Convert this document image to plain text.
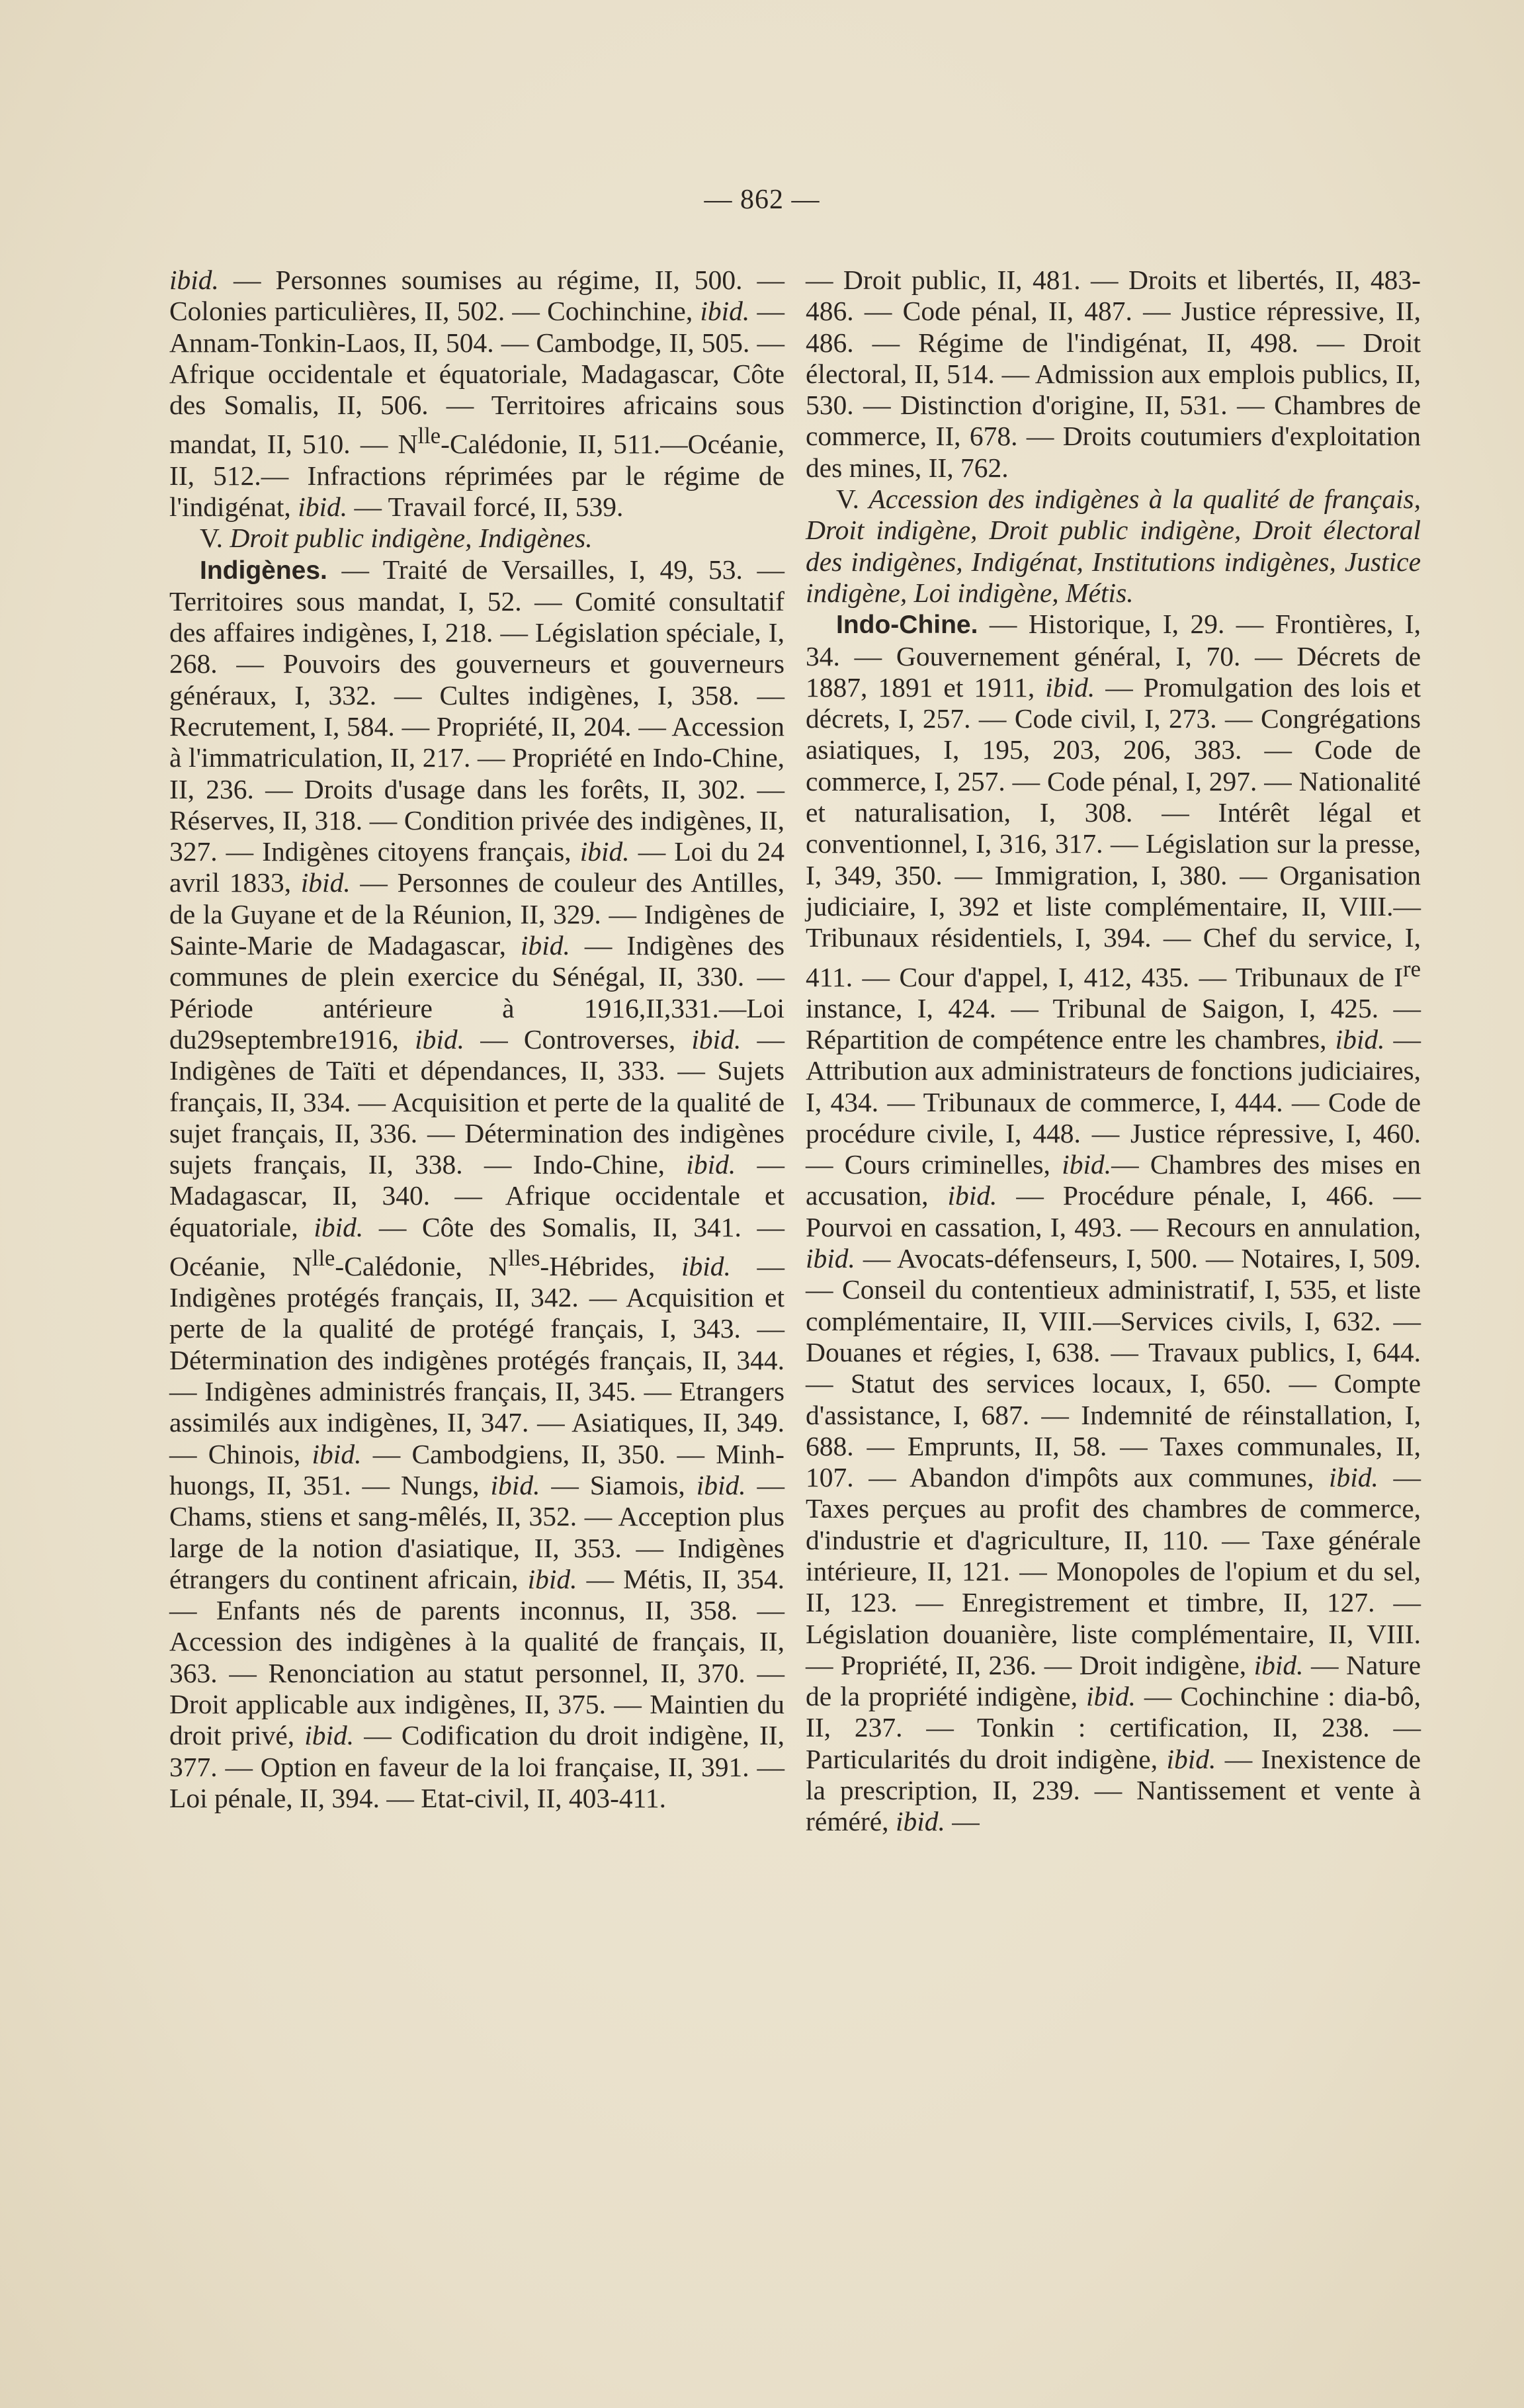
— 862 —

ibid. — Personnes soumises au régime, II, 500. — Colonies particulières, II, 502. — Cochinchine, ibid. — Annam-Tonkin-Laos, II, 504. — Cambodge, II, 505. — Afrique occidentale et équatoriale, Madagascar, Côte des Somalis, II, 506. — Territoires africains sous mandat, II, 510. — $N^{lle}$-Calédonie, II, 511.—Océanie, II, 512.— Infractions réprimées par le régime de l'indigénat, ibid. — Travail forcé, II, 539.

V. Droit public indigène, Indigènes.

Indigènes. — Traité de Versailles, I, 49, 53. — Territoires sous mandat, I, 52. — Comité consultatif des affaires indigènes, I, 218. — Législation spéciale, I, 268. — Pouvoirs des gouverneurs et gouverneurs généraux, I, 332. — Cultes indigènes, I, 358. — Recrutement, I, 584. — Propriété, II, 204. — Accession à l'immatriculation, II, 217. — Propriété en Indo-Chine, II, 236. — Droits d'usage dans les forêts, II, 302. — Réserves, II, 318. — Condition privée des indigènes, II, 327. — Indigènes citoyens français, ibid. — Loi du 24 avril 1833, ibid. — Personnes de couleur des Antilles, de la Guyane et de la Réunion, II, 329. — Indigènes de Sainte-Marie de Madagascar, ibid. — Indigènes des communes de plein exercice du Sénégal, II, 330. — Période antérieure à 1916,II,331.—Loi du29septembre1916, ibid. — Controverses, ibid. — Indigènes de Taïti et dépendances, II, 333. — Sujets français, II, 334. — Acquisition et perte de la qualité de sujet français, II, 336. — Détermination des indigènes sujets français, II, 338. — Indo-Chine, ibid. — Madagascar, II, 340. — Afrique occidentale et équatoriale, ibid. — Côte des Somalis, II, 341. — Océanie, $N^{lle}$-Calédonie, $N^{lles}$-Hébrides, ibid. — Indigènes protégés français, II, 342. — Acquisition et perte de la qualité de protégé français, I, 343. — Détermination des indigènes protégés français, II, 344. — Indigènes administrés français, II, 345. — Etrangers assimilés aux indigènes, II, 347. — Asiatiques, II, 349. — Chinois, ibid. — Cambodgiens, II, 350. — Minh-huongs, II, 351. — Nungs, ibid. — Siamois, ibid. — Chams, stiens et sang-mêlés, II, 352. — Acception plus large de la notion d'asiatique, II, 353. — Indigènes étrangers du continent africain, ibid. — Métis, II, 354. — Enfants nés de parents inconnus, II, 358. — Accession des indigènes à la qualité de français, II, 363. — Renonciation au statut personnel, II, 370. — Droit applicable aux indigènes, II, 375. — Maintien du droit privé, ibid. — Codification du droit indigène, II, 377. — Option en faveur de la loi française, II, 391. — Loi pénale, II, 394. — Etat-civil, II, 403-411.

— Droit public, II, 481. — Droits et libertés, II, 483-486. — Code pénal, II, 487. — Justice répressive, II, 486. — Régime de l'indigénat, II, 498. — Droit électoral, II, 514. — Admission aux emplois publics, II, 530. — Distinction d'origine, II, 531. — Chambres de commerce, II, 678. — Droits coutumiers d'exploitation des mines, II, 762.

V. Accession des indigènes à la qualité de français, Droit indigène, Droit public indigène, Droit électoral des indigènes, Indigénat, Institutions indigènes, Justice indigène, Loi indigène, Métis.

Indo-Chine. — Historique, I, 29. — Frontières, I, 34. — Gouvernement général, I, 70. — Décrets de 1887, 1891 et 1911, ibid. — Promulgation des lois et décrets, I, 257. — Code civil, I, 273. — Congrégations asiatiques, I, 195, 203, 206, 383. — Code de commerce, I, 257. — Code pénal, I, 297. — Nationalité et naturalisation, I, 308. — Intérêt légal et conventionnel, I, 316, 317. — Législation sur la presse, I, 349, 350. — Immigration, I, 380. — Organisation judiciaire, I, 392 et liste complémentaire, II, VIII.— Tribunaux résidentiels, I, 394. — Chef du service, I, 411. — Cour d'appel, I, 412, 435. — Tribunaux de Ire instance, I, 424. — Tribunal de Saigon, I, 425. — Répartition de compétence entre les chambres, ibid. — Attribution aux administrateurs de fonctions judiciaires, I, 434. — Tribunaux de commerce, I, 444. — Code de procédure civile, I, 448. — Justice répressive, I, 460. — Cours criminelles, ibid.— Chambres des mises en accusation, ibid. — Procédure pénale, I, 466. — Pourvoi en cassation, I, 493. — Recours en annulation, ibid. — Avocats-défenseurs, I, 500. — Notaires, I, 509. — Conseil du contentieux administratif, I, 535, et liste complémentaire, II, VIII.—Services civils, I, 632. — Douanes et régies, I, 638. — Travaux publics, I, 644. — Statut des services locaux, I, 650. — Compte d'assistance, I, 687. — Indemnité de réinstallation, I, 688. — Emprunts, II, 58. — Taxes communales, II, 107. — Abandon d'impôts aux communes, ibid. — Taxes perçues au profit des chambres de commerce, d'industrie et d'agriculture, II, 110. — Taxe générale intérieure, II, 121. — Monopoles de l'opium et du sel, II, 123. — Enregistrement et timbre, II, 127. — Législation douanière, liste complémentaire, II, VIII. — Propriété, II, 236. — Droit indigène, ibid. — Nature de la propriété indigène, ibid. — Cochinchine : dia-bô, II, 237. — Tonkin : certification, II, 238. — Particularités du droit indigène, ibid. — Inexistence de la prescription, II, 239. — Nantissement et vente à réméré, ibid. —
